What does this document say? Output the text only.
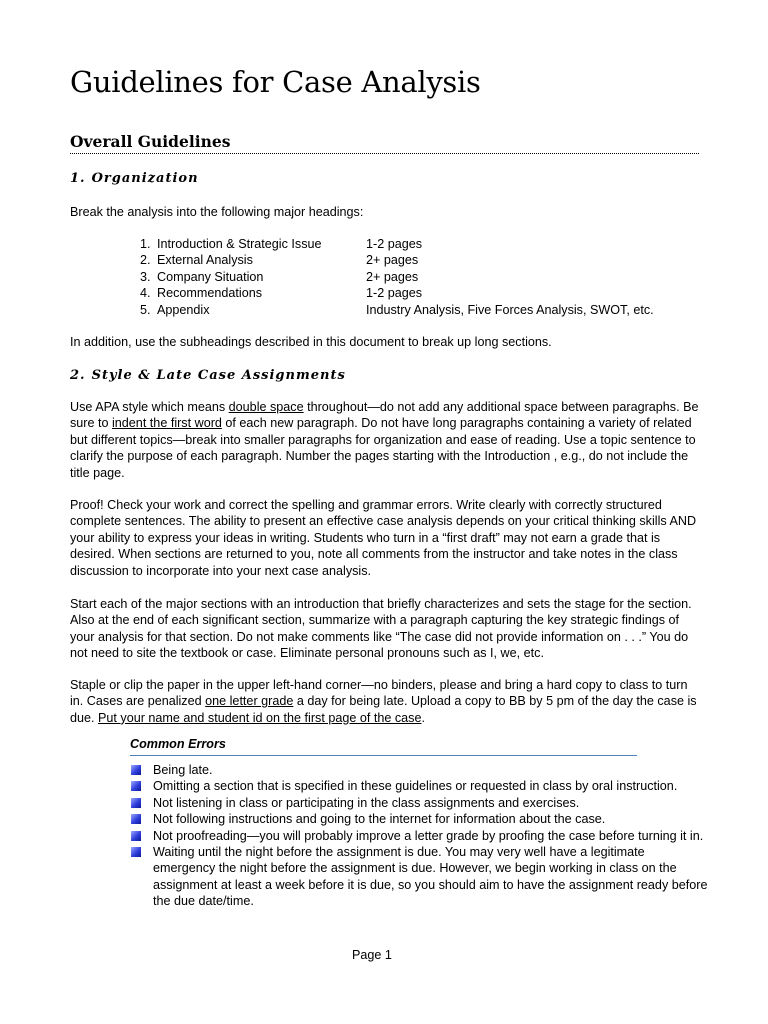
Guidelines for Case Analysis
Overall Guidelines
1. Organization

Break the analysis into the following major headings:

1. Introduction & Strategic Issue	1-2 pages
2. External Analysis	2+ pages
3. Company Situation	2+ pages
4. Recommendations	1-2 pages
5. Appendix	Industry Analysis, Five Forces Analysis, SWOT, etc.

In addition, use the subheadings described in this document to break up long sections.

2. Style & Late Case Assignments

Use APA style which means double space throughout—do not add any additional space between paragraphs. Be sure to indent the first word of each new paragraph. Do not have long paragraphs containing a variety of related but different topics—break into smaller paragraphs for organization and ease of reading. Use a topic sentence to clarify the purpose of each paragraph. Number the pages starting with the Introduction , e.g., do not include the title page.

Proof! Check your work and correct the spelling and grammar errors. Write clearly with correctly structured complete sentences. The ability to present an effective case analysis depends on your critical thinking skills AND your ability to express your ideas in writing. Students who turn in a “first draft” may not earn a grade that is desired. When sections are returned to you, note all comments from the instructor and take notes in the class discussion to incorporate into your next case analysis.

Start each of the major sections with an introduction that briefly characterizes and sets the stage for the section. Also at the end of each significant section, summarize with a paragraph capturing the key strategic findings of your analysis for that section. Do not make comments like “The case did not provide information on . . .” You do not need to site the textbook or case. Eliminate personal pronouns such as I, we, etc.

Staple or clip the paper in the upper left-hand corner—no binders, please and bring a hard copy to class to turn in. Cases are penalized one letter grade a day for being late. Upload a copy to BB by 5 pm of the day the case is due. Put your name and student id on the first page of the case.

Common Errors
Being late.
Omitting a section that is specified in these guidelines or requested in class by oral instruction.
Not listening in class or participating in the class assignments and exercises.
Not following instructions and going to the internet for information about the case.
Not proofreading—you will probably improve a letter grade by proofing the case before turning it in.
Waiting until the night before the assignment is due. You may very well have a legitimate emergency the night before the assignment is due. However, we begin working in class on the assignment at least a week before it is due, so you should aim to have the assignment ready before the due date/time.
Page 1
